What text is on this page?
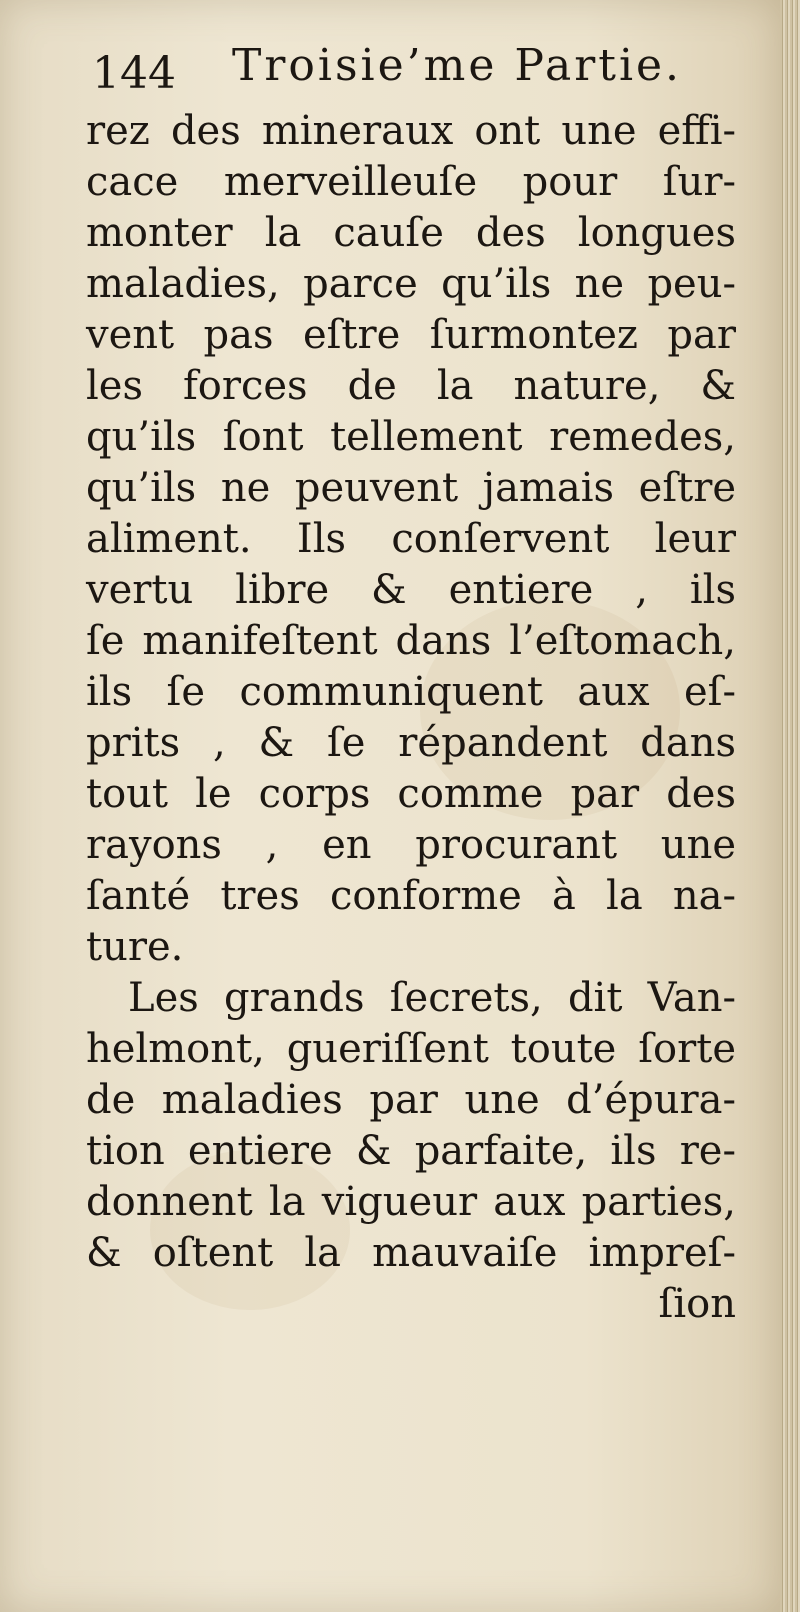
144 Troisie’me Partie.
rez des mineraux ont une effi-
cace merveilleuſe pour ſur-
monter la cauſe des longues
maladies, parce qu’ils ne peu-
vent pas eſtre ſurmontez par
les forces de la nature, &
qu’ils ſont tellement remedes,
qu’ils ne peuvent jamais eſtre
aliment. Ils conſervent leur
vertu libre & entiere , ils
ſe manifeſtent dans l’eſtomach,
ils ſe communiquent aux eſ-
prits , & ſe répandent dans
tout le corps comme par des
rayons , en procurant une
ſanté tres conforme à la na-
ture.
Les grands ſecrets, dit Van-
helmont, gueriſſent toute ſorte
de maladies par une d’épura-
tion entiere & parfaite, ils re-
donnent la vigueur aux parties,
& oſtent la mauvaiſe impreſ-
ſion
